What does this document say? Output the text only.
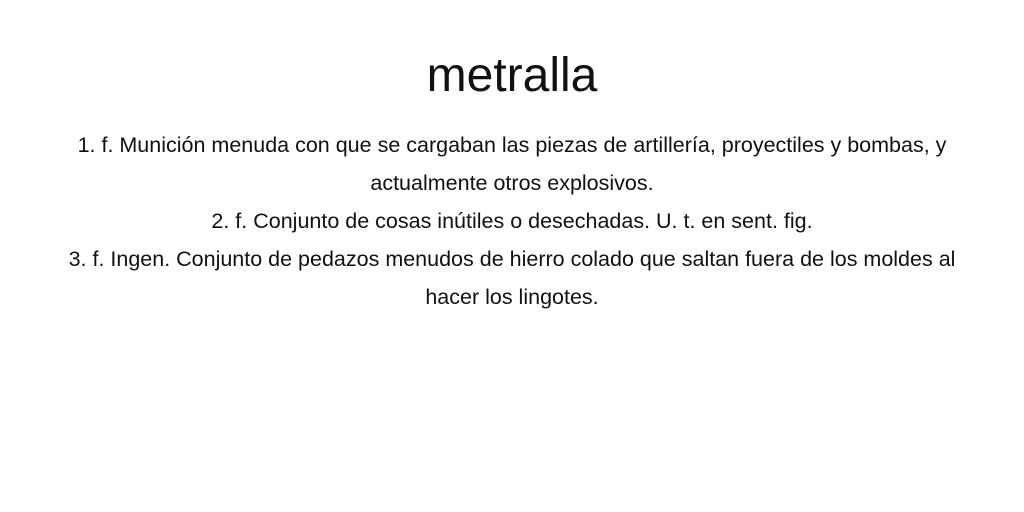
metralla
1. f. Munición menuda con que se cargaban las piezas de artillería, proyectiles y bombas, y actualmente otros explosivos.
2. f. Conjunto de cosas inútiles o desechadas. U. t. en sent. fig.
3. f. Ingen. Conjunto de pedazos menudos de hierro colado que saltan fuera de los moldes al hacer los lingotes.
